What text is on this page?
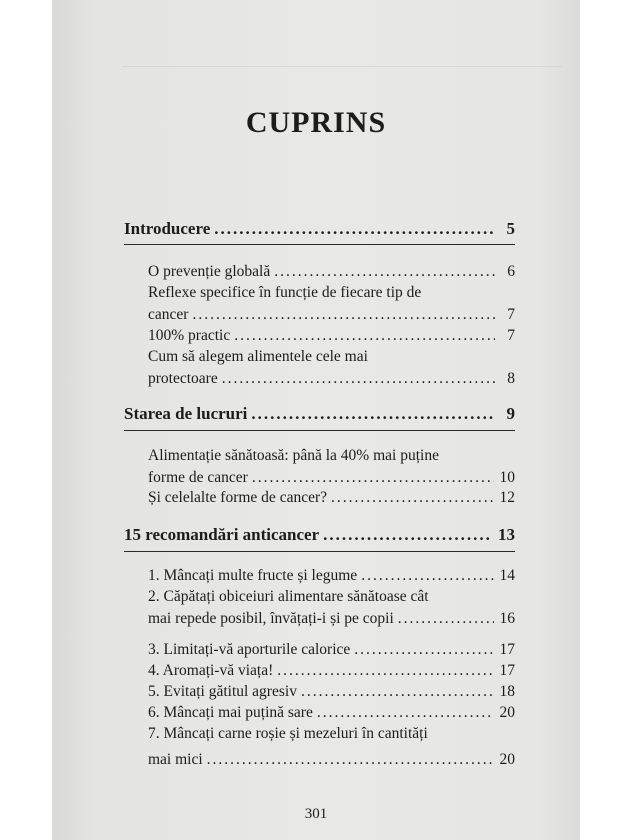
CUPRINS
Introducere .....	5
O prevenție globală .....	6
Reflexe specifice în funcție de fiecare tip de
cancer .....	7
100% practic .....	7
Cum să alegem alimentele cele mai
protectoare .....	8
Starea de lucruri .....	9
Alimentație sănătoasă: până la 40% mai puține
forme de cancer .....	10
Și celelalte forme de cancer? .....	12
15 recomandări anticancer .....	13
1. Mâncați multe fructe și legume .....	14
2. Căpătați obiceiuri alimentare sănătoase cât
mai repede posibil, învățați-i și pe copii .....	16
3. Limitați-vă aporturile calorice .....	17
4. Aromați-vă viața! .....	17
5. Evitați gătitul agresiv .....	18
6. Mâncați mai puțină sare .....	20
7. Mâncați carne roșie și mezeluri în cantități
mai mici .....	20
301
